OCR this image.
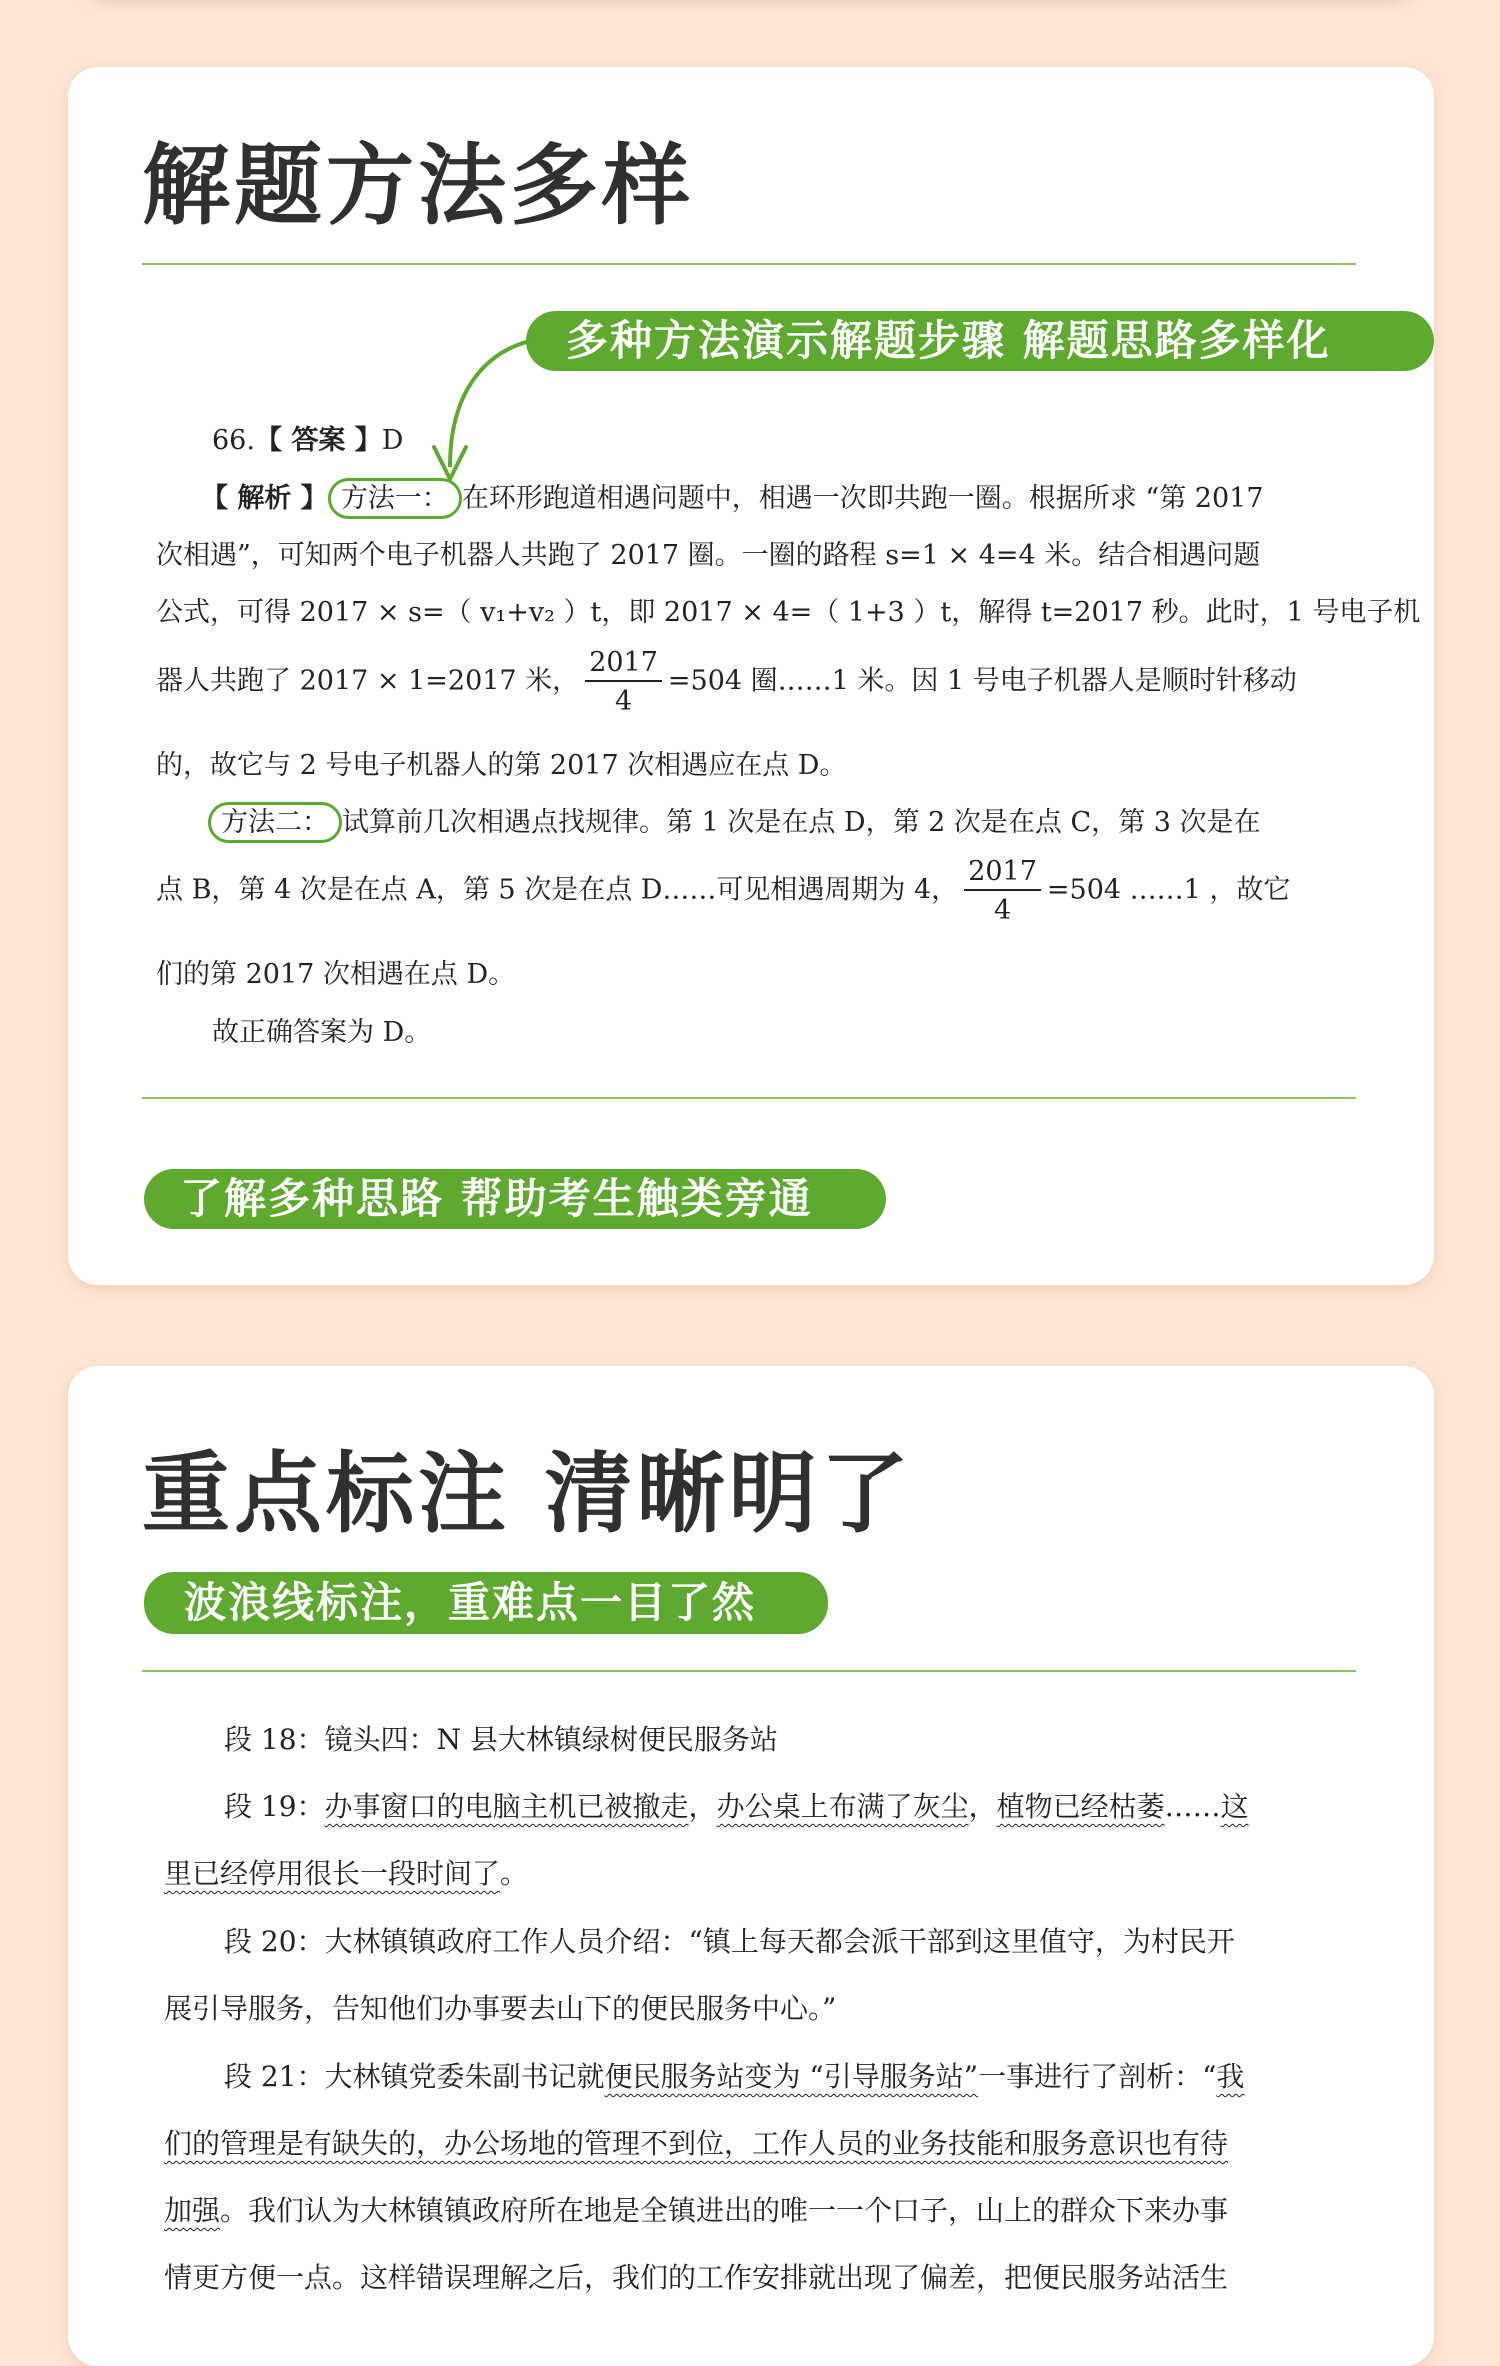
解题方法多样
多种方法演示解题步骤 解题思路多样化

66.【 答案 】D

【 解析 】 方法一： 在环形跑道相遇问题中，相遇一次即共跑一圈。根据所求 “第 2017

次相遇”，可知两个电子机器人共跑了 2017 圈。一圈的路程 s=1 × 4=4 米。结合相遇问题

公式，可得 2017 × s=（ v₁+v₂ ）t，即 2017 × 4=（ 1+3 ）t，解得 t=2017 秒。此时，1 号电子机

器人共跑了 2017 × 1=2017 米， $\frac{2017}{4} =504$ 圈……1 米。因 1 号电子机器人是顺时针移动

的，故它与 2 号电子机器人的第 2017 次相遇应在点 D。

方法二： 试算前几次相遇点找规律。第 1 次是在点 D，第 2 次是在点 C，第 3 次是在

点 B，第 4 次是在点 A，第 5 次是在点 D……可见相遇周期为 4， $\frac{2017}{4} =504$ ……1 ，故它

们的第 2017 次相遇在点 D。

故正确答案为 D。

了解多种思路 帮助考生触类旁通
重点标注 清晰明了
波浪线标注，重难点一目了然

段 18：镜头四：N 县大林镇绿树便民服务站

段 19：办事窗口的电脑主机已被撤走，办公桌上布满了灰尘，植物已经枯萎……这

里已经停用很长一段时间了。

段 20：大林镇镇政府工作人员介绍：“镇上每天都会派干部到这里值守，为村民开

展引导服务，告知他们办事要去山下的便民服务中心。”

段 21：大林镇党委朱副书记就便民服务站变为 “引导服务站”一事进行了剖析：“我

们的管理是有缺失的，办公场地的管理不到位，工作人员的业务技能和服务意识也有待

加强。我们认为大林镇镇政府所在地是全镇进出的唯一一个口子，山上的群众下来办事

情更方便一点。这样错误理解之后，我们的工作安排就出现了偏差，把便民服务站活生
